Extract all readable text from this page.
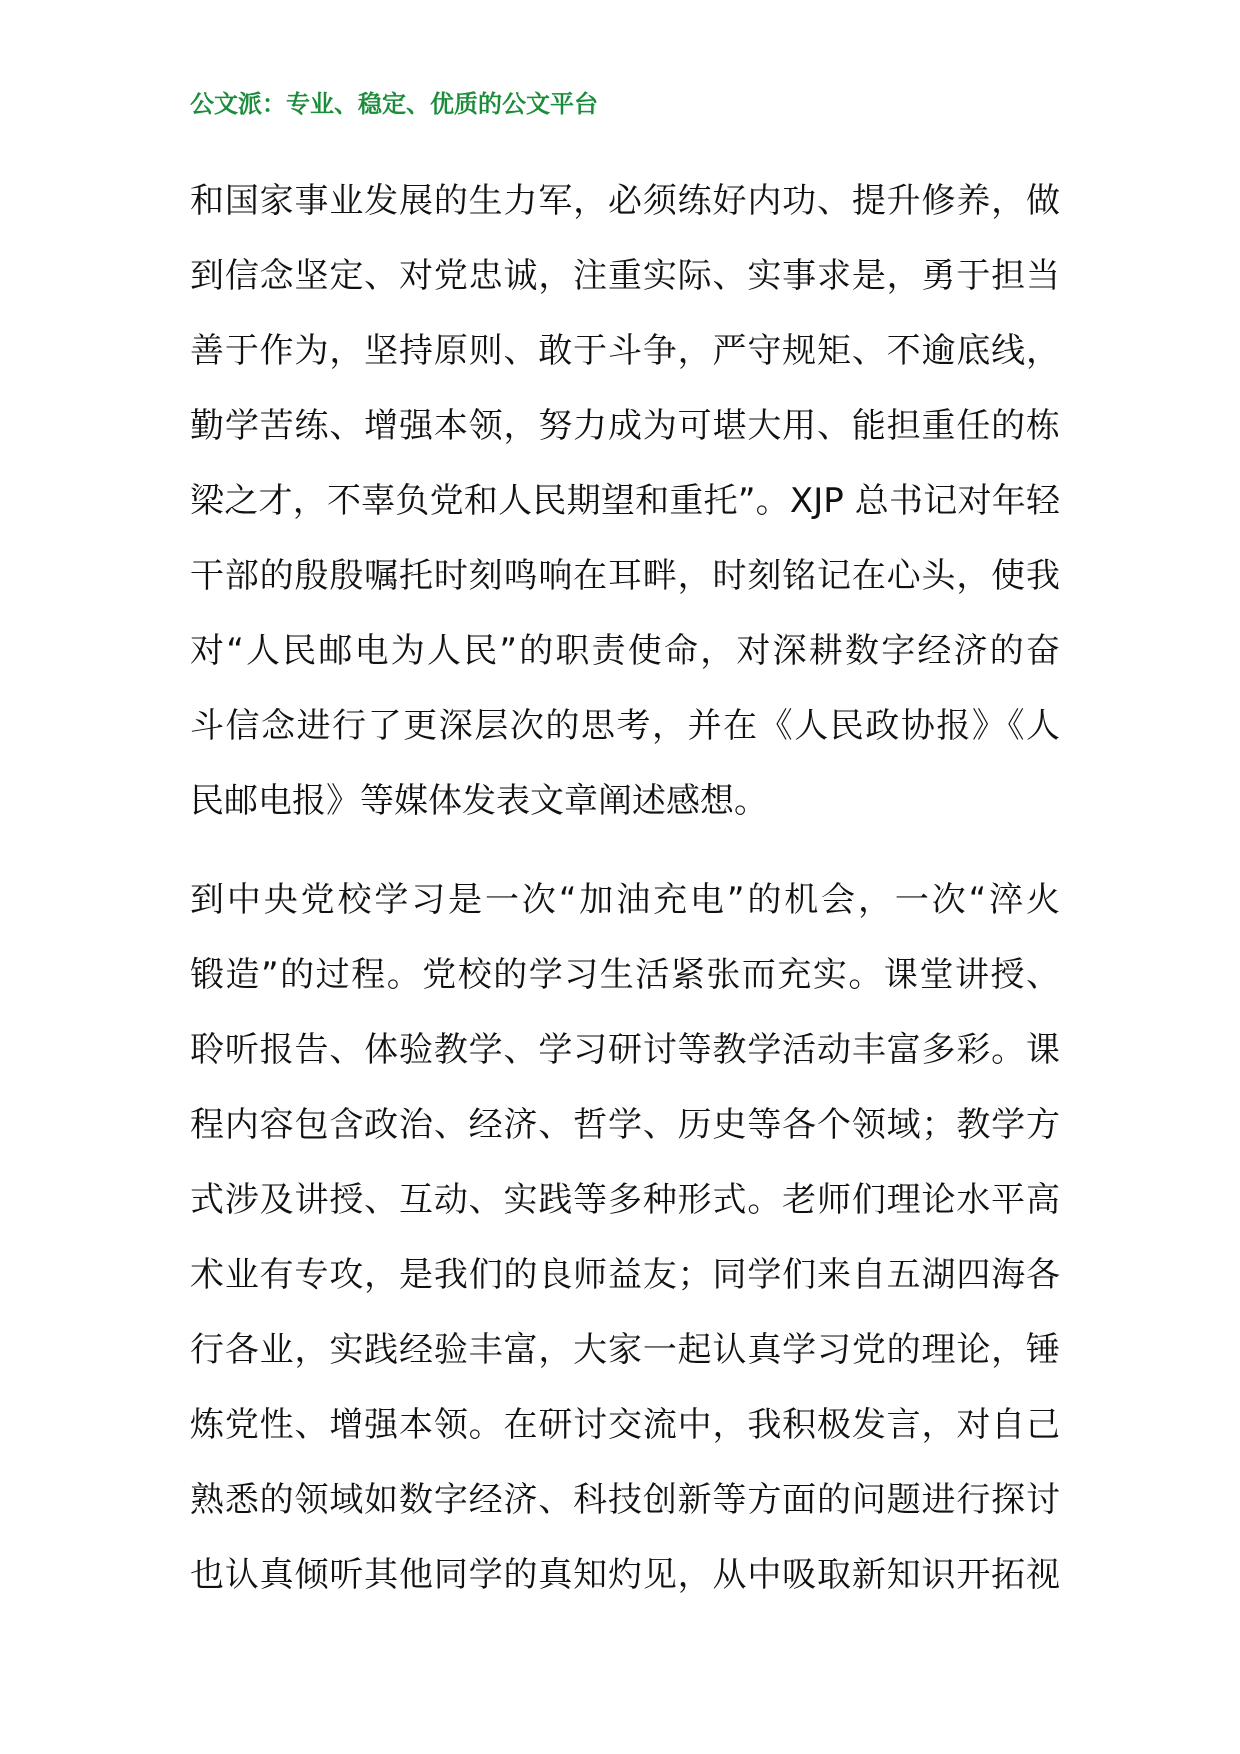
公文派：专业、稳定、优质的公文平台
和国家事业发展的生力军，必须练好内功、提升修养，做
到信念坚定、对党忠诚，注重实际、实事求是，勇于担当
善于作为，坚持原则、敢于斗争，严守规矩、不逾底线，
勤学苦练、增强本领，努力成为可堪大用、能担重任的栋
梁之才，不辜负党和人民期望和重托”。XJP 总书记对年轻
干部的殷殷嘱托时刻鸣响在耳畔，时刻铭记在心头，使我
对“人民邮电为人民”的职责使命，对深耕数字经济的奋
斗信念进行了更深层次的思考，并在《人民政协报》《人
民邮电报》等媒体发表文章阐述感想。
到中央党校学习是一次“加油充电”的机会，一次“淬火
锻造”的过程。党校的学习生活紧张而充实。课堂讲授、
聆听报告、体验教学、学习研讨等教学活动丰富多彩。课
程内容包含政治、经济、哲学、历史等各个领域；教学方
式涉及讲授、互动、实践等多种形式。老师们理论水平高
术业有专攻，是我们的良师益友；同学们来自五湖四海各
行各业，实践经验丰富，大家一起认真学习党的理论，锤
炼党性、增强本领。在研讨交流中，我积极发言，对自己
熟悉的领域如数字经济、科技创新等方面的问题进行探讨
也认真倾听其他同学的真知灼见，从中吸取新知识开拓视
